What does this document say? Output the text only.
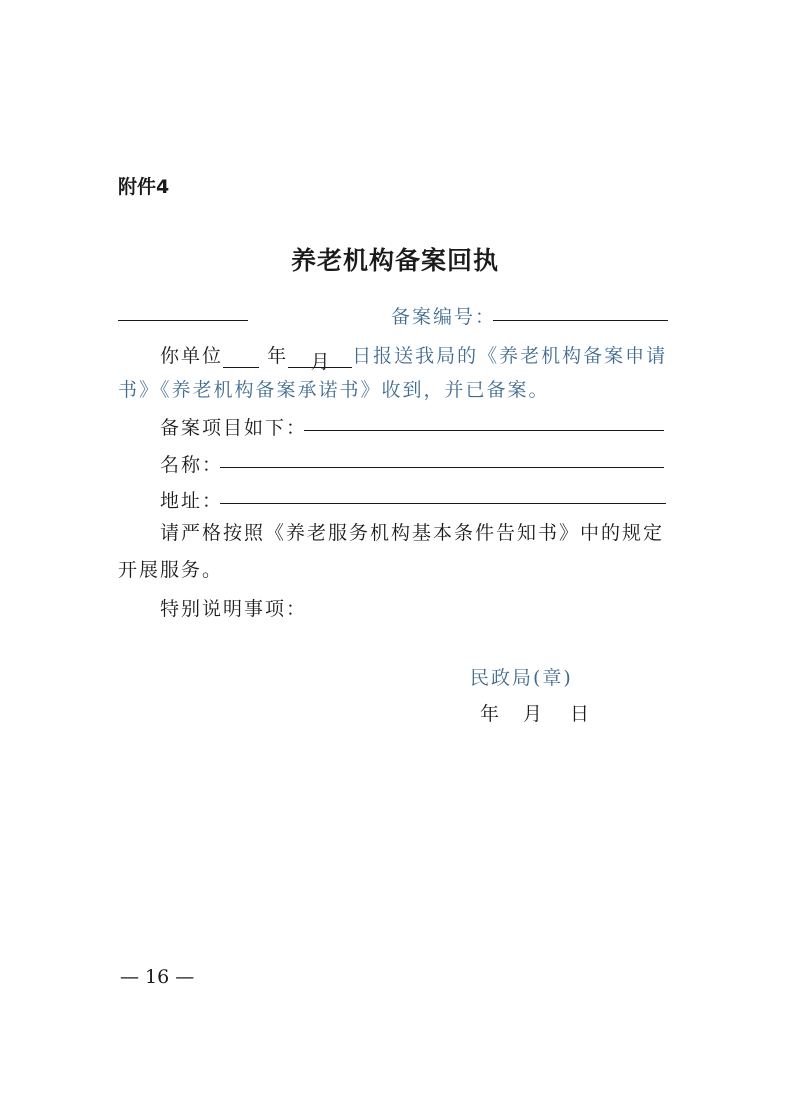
附件4
养老机构备案回执
备案编号：
你单位 年 月 日报送我局的《养老机构备案申请
书》《养老机构备案承诺书》收到，并已备案。
备案项目如下：
名称：
地址：
请严格按照《养老服务机构基本条件告知书》中的规定
开展服务。
特别说明事项：
民政局(章)
年 月 日
— 16 —
